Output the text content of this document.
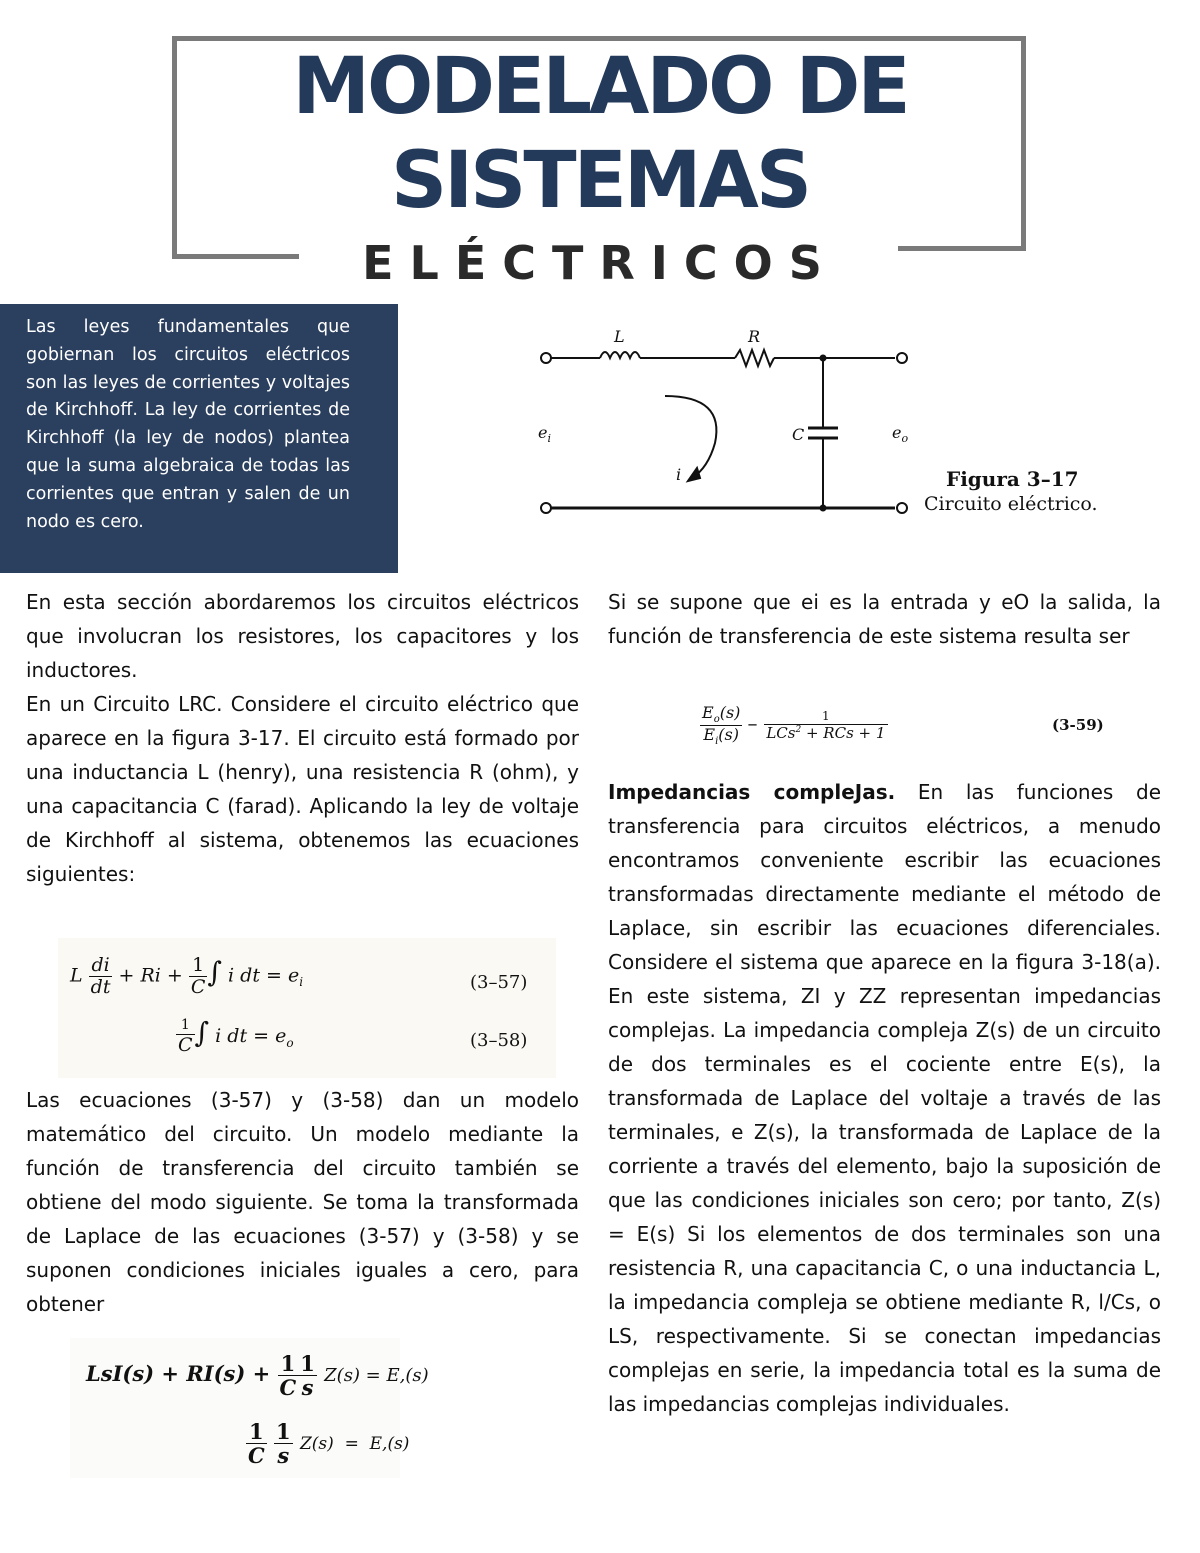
MODELADO DE
SISTEMAS
ELÉCTRICOS

Las leyes fundamentales que gobiernan los circuitos eléctricos son las leyes de corrientes y voltajes de Kirchhoff. La ley de corrientes de Kirchhoff (la ley de nodos) plantea que la suma algebraica de todas las corrientes que entran y salen de un nodo es cero.

L	R
C
$e_i$	$e_o$
i	Figura 3–17
Circuito eléctrico.

En esta sección abordaremos los circuitos eléctricos que involucran los resistores, los capacitores y los inductores.

En un Circuito LRC. Considere el circuito eléctrico que aparece en la figura 3-17. El circuito está formado por una inductancia L (henry), una resistencia R (ohm), y una capacitancia C (farad). Aplicando la ley de voltaje de Kirchhoff al sistema, obtenemos las ecuaciones siguientes:

L $\frac{di}{dt} + Ri + \frac{1}{C}$ ∫ i dt = $e_i$	(3–57)
$\frac{1}{C}$ ∫ i dt = $e_o$	(3–58)

Las ecuaciones (3-57) y (3-58) dan un modelo matemático del circuito. Un modelo mediante la función de transferencia del circuito también se obtiene del modo siguiente. Se toma la transformada de Laplace de las ecuaciones (3-57) y (3-58) y se suponen condiciones iniciales iguales a cero, para obtener

$LsI(s) + RI(s) + \frac{1}{C} \frac{1}{s} Z(s) = E,(s)$
$\frac{1}{C}$
$\frac{1}{s} Z(s) = E,(s)$

Si se supone que ei es la entrada y eO la salida, la función de transferencia de este sistema resulta ser

$\frac{E_o(s)}{E_i(s)} - \frac{1}{LCs^2 + RCs + 1}$	(3-59)

Impedancias compleJas. En las funciones de transferencia para circuitos eléctricos, a menudo encontramos conveniente escribir las ecuaciones transformadas directamente mediante el método de Laplace, sin escribir las ecuaciones diferenciales. Considere el sistema que aparece en la figura 3-18(a). En este sistema, ZI y ZZ representan impedancias complejas. La impedancia compleja Z(s) de un circuito de dos terminales es el cociente entre E(s), la transformada de Laplace del voltaje a través de las terminales, e Z(s), la transformada de Laplace de la corriente a través del elemento, bajo la suposición de que las condiciones iniciales son cero; por tanto, Z(s) = E(s) Si los elementos de dos terminales son una resistencia R, una capacitancia C, o una inductancia L, la impedancia compleja se obtiene mediante R, l/Cs, o LS, respectivamente. Si se conectan impedancias complejas en serie, la impedancia total es la suma de las impedancias complejas individuales.
